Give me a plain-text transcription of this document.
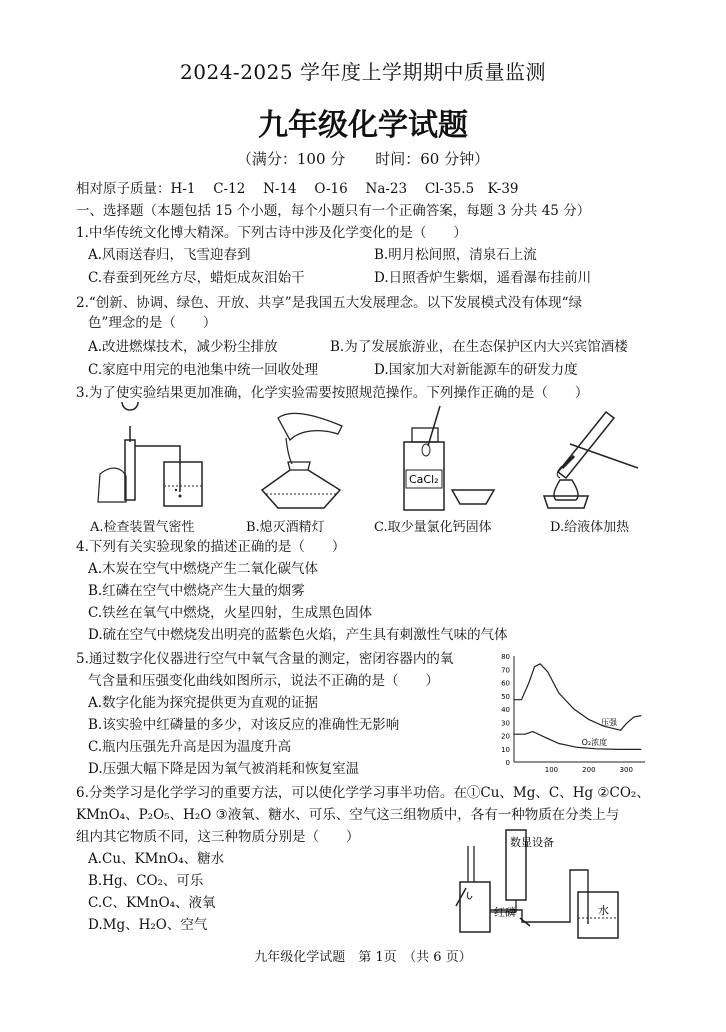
2024-2025 学年度上学期期中质量监测
九年级化学试题
（满分：100 分　　时间：60 分钟）
相对原子质量：H-1　 C-12　 N-14　 O-16　 Na-23　 Cl-35.5　K-39
一、选择题（本题包括 15 个小题，每个小题只有一个正确答案，每题 3 分共 45 分）
1.中华传统文化博大精深。下列古诗中涉及化学变化的是（　　）
A.风雨送春归，飞雪迎春到	B.明月松间照，清泉石上流
C.春蚕到死丝方尽，蜡炬成灰泪始干	D.日照香炉生紫烟，遥看瀑布挂前川
2.“创新、协调、绿色、开放、共享”是我国五大发展理念。以下发展模式没有体现“绿
色”理念的是（　　）
A.改进燃煤技术，减少粉尘排放	B.为了发展旅游业，在生态保护区内大兴宾馆酒楼
C.家庭中用完的电池集中统一回收处理	D.国家加大对新能源车的研发力度
3.为了使实验结果更加准确，化学实验需要按照规范操作。下列操作正确的是（　　）
CaCl₂
A.检查装置气密性	B.熄灭酒精灯	C.取少量氯化钙固体	D.给液体加热
4.下列有关实验现象的描述正确的是（　　）
A.木炭在空气中燃烧产生二氧化碳气体
B.红磷在空气中燃烧产生大量的烟雾
C.铁丝在氧气中燃烧，火星四射，生成黑色固体
D.硫在空气中燃烧发出明亮的蓝紫色火焰，产生具有刺激性气味的气体
5.通过数字化仪器进行空气中氧气含量的测定，密闭容器内的氧
气含量和压强变化曲线如图所示，说法不正确的是（　　）
A.数字化能为探究提供更为直观的证据
B.该实验中红磷量的多少，对该反应的准确性无影响
C.瓶内压强先升高是因为温度升高
D.压强大幅下降是因为氧气被消耗和恢复室温	0
10
20
30
40
50
60
70
80
100	200	300
压强
O₂浓度
6.分类学习是化学学习的重要方法，可以使化学学习事半功倍。在①Cu、Mg、C、Hg ②CO₂、
KMnO₄、P₂O₅、H₂O ③液氧、糖水、可乐、空气这三组物质中，各有一种物质在分类上与
组内其它物质不同，这三种物质分别是（　　）
A.Cu、KMnO₄、糖水
B.Hg、CO₂、可乐
C.C、KMnO₄、液氧
D.Mg、H₂O、空气
数显设备
红磷	水
九年级化学试题　第 1页　（共 6 页）
